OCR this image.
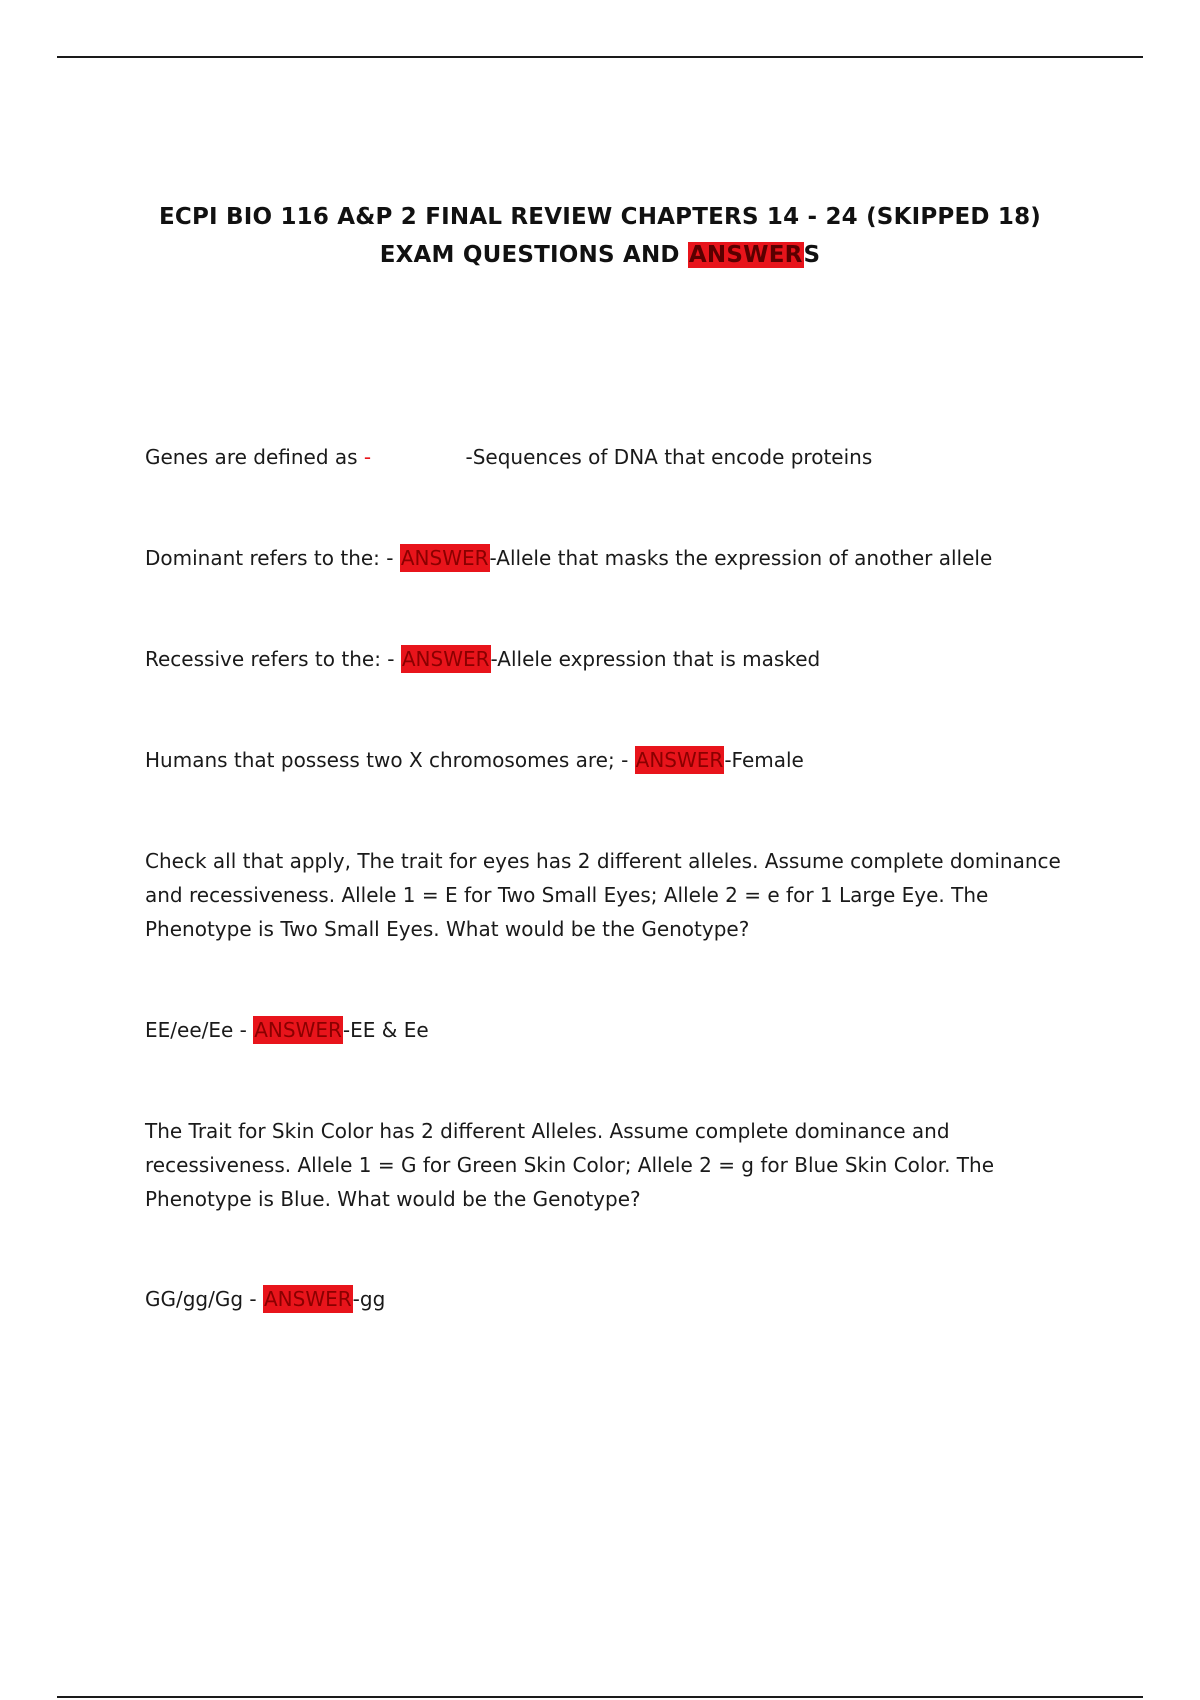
ECPI BIO 116 A&P 2 FINAL REVIEW CHAPTERS 14 - 24 (SKIPPED 18)
EXAM QUESTIONS AND ANSWERS

Genes are defined as -	-Sequences of DNA that encode proteins

Dominant refers to the: - ANSWER-Allele that masks the expression of another allele

Recessive refers to the: - ANSWER-Allele expression that is masked

Humans that possess two X chromosomes are; - ANSWER-Female

Check all that apply, The trait for eyes has 2 different alleles. Assume complete dominance and recessiveness. Allele 1 = E for Two Small Eyes; Allele 2 = e for 1 Large Eye. The Phenotype is Two Small Eyes. What would be the Genotype?

EE/ee/Ee - ANSWER-EE & Ee

The Trait for Skin Color has 2 different Alleles. Assume complete dominance and recessiveness. Allele 1 = G for Green Skin Color; Allele 2 = g for Blue Skin Color. The Phenotype is Blue. What would be the Genotype?

GG/gg/Gg - ANSWER-gg
